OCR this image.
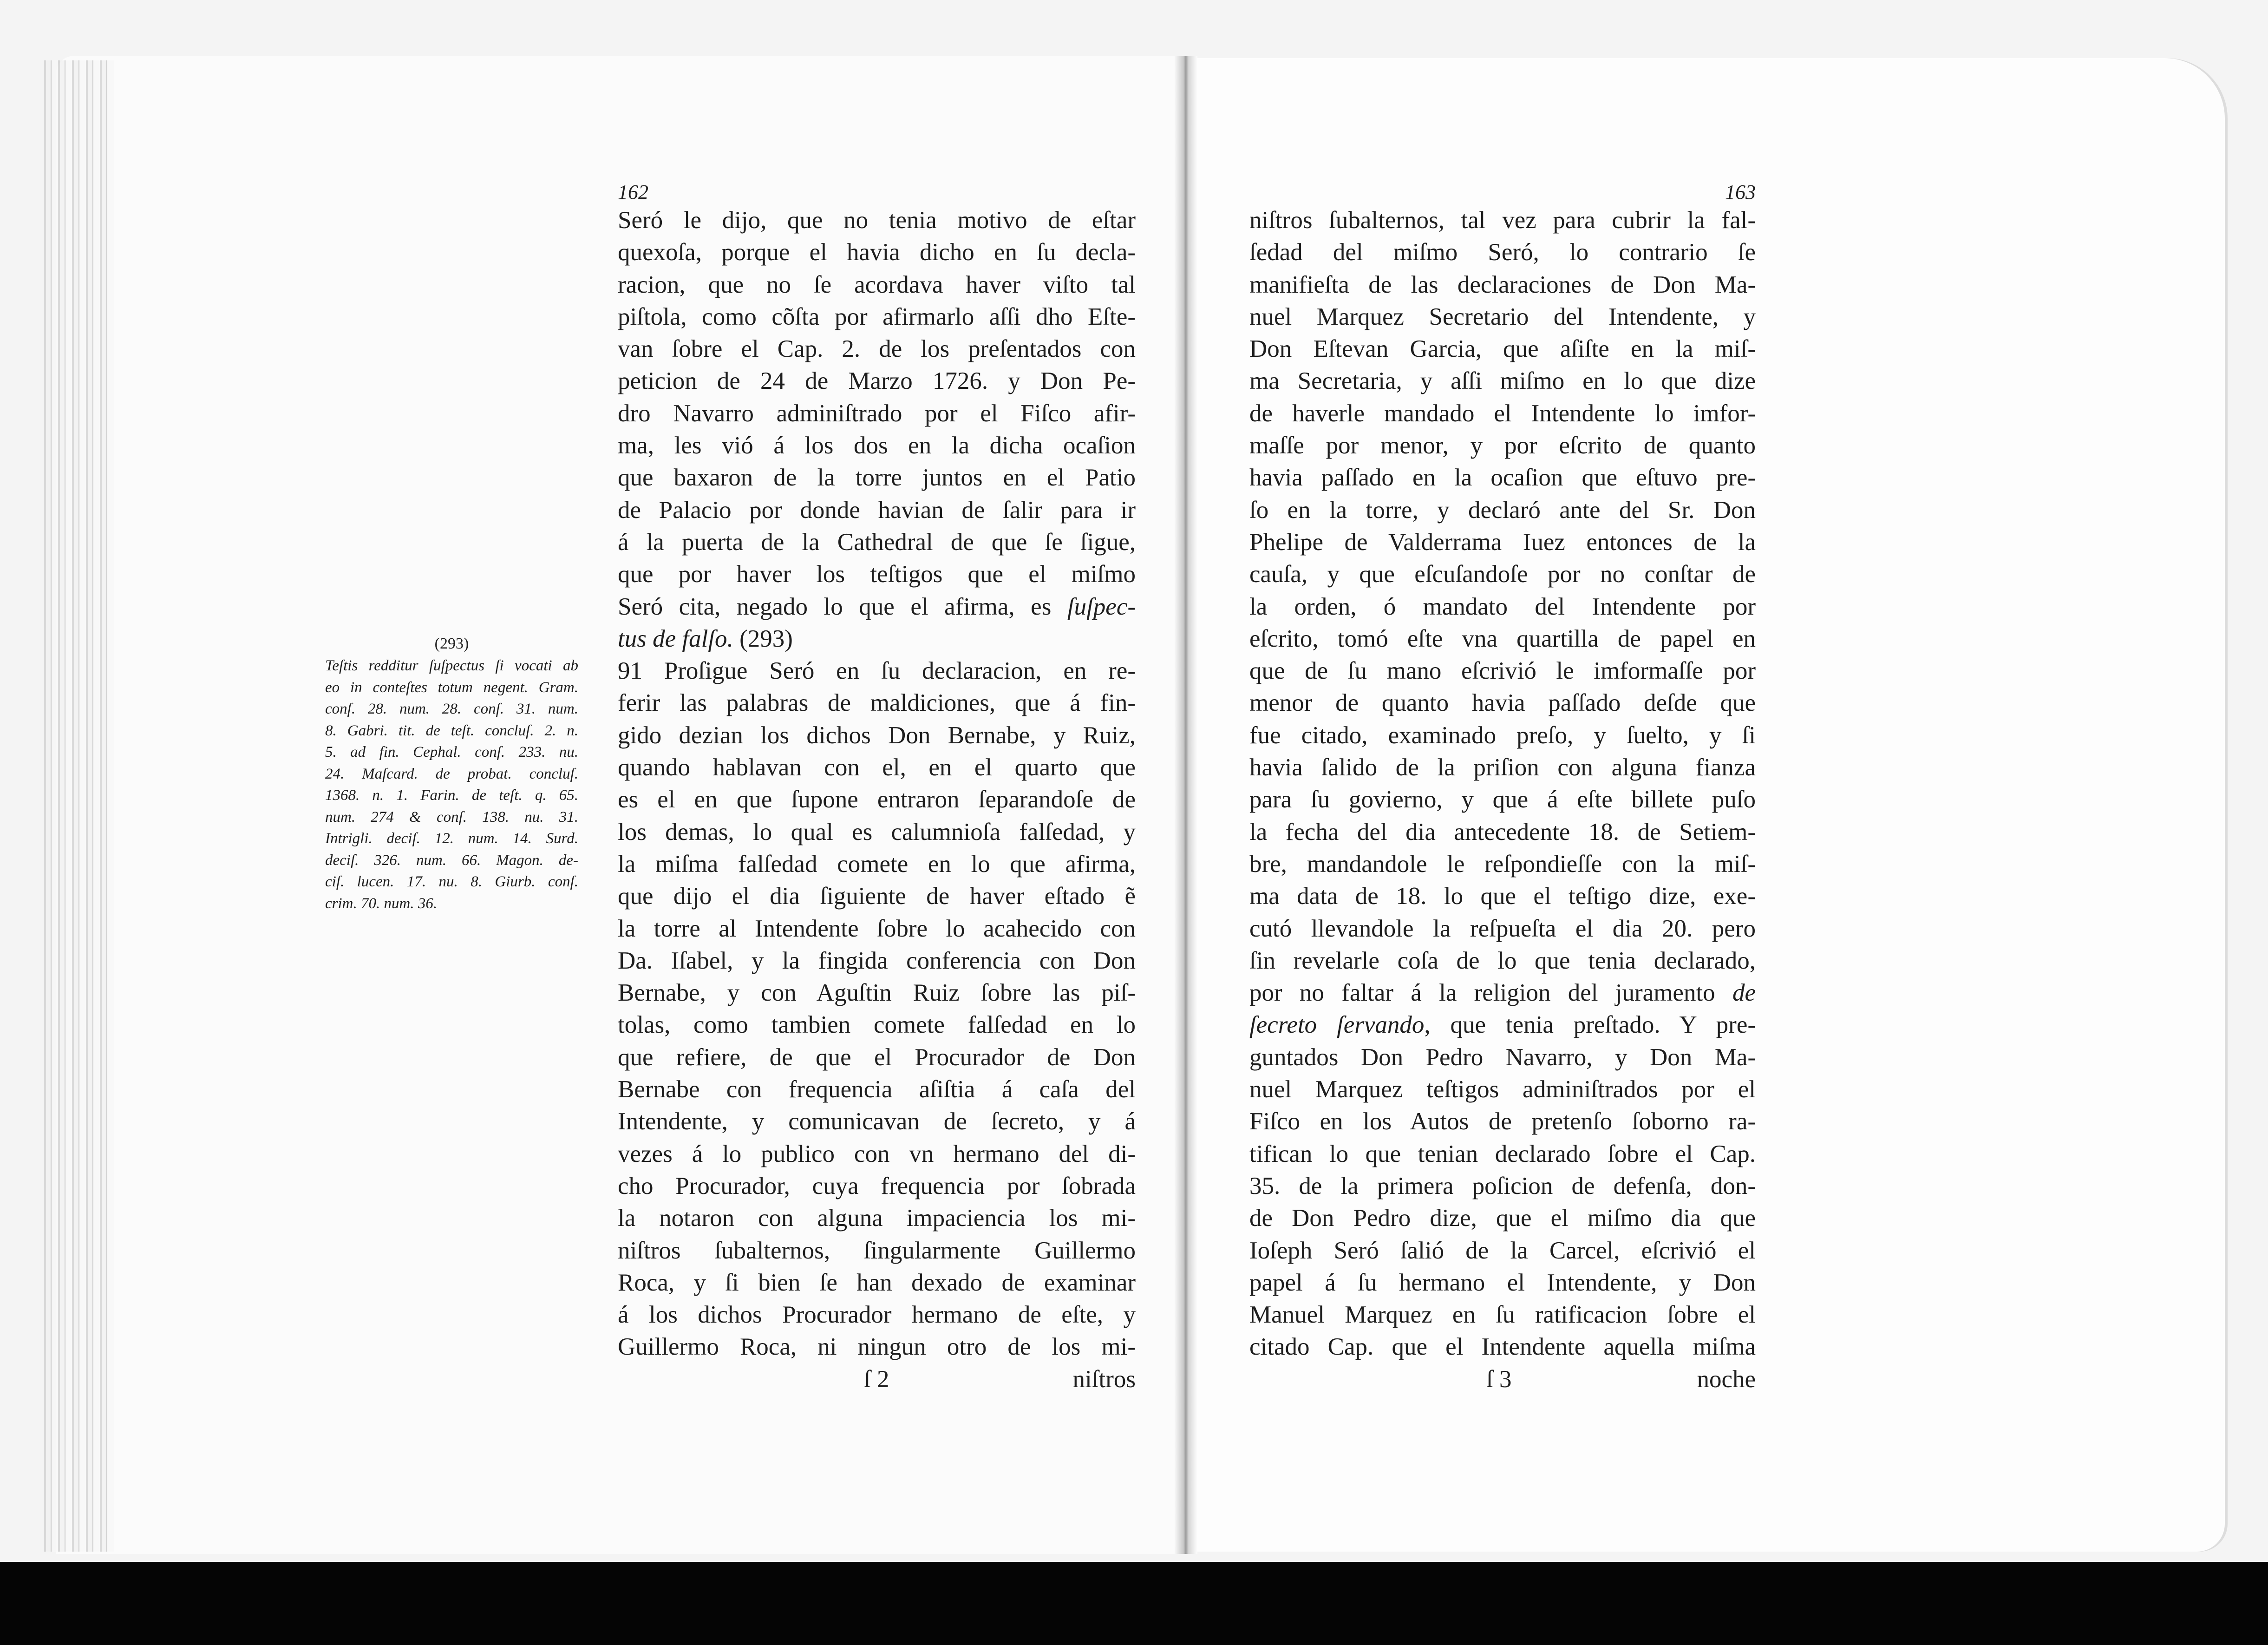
162
Seró le dijo, que no tenia motivo de eſtar
quexoſa, porque el havia dicho en ſu decla-
racion, que no ſe acordava haver viſto tal
piſtola, como cõſta por afirmarlo aſſi dho Eſte-
van ſobre el Cap. 2. de los preſentados con
peticion de 24 de Marzo 1726. y Don Pe-
dro Navarro adminiſtrado por el Fiſco afir-
ma, les vió á los dos en la dicha ocaſion
que baxaron de la torre juntos en el Patio
de Palacio por donde havian de ſalir para ir
á la puerta de la Cathedral de que ſe ſigue,
que por haver los teſtigos que el miſmo
Seró cita, negado lo que el afirma, es ſuſpec-
tus de falſo. (293)
91 Proſigue Seró en ſu declaracion, en re-
ferir las palabras de maldiciones, que á fin-
gido dezian los dichos Don Bernabe, y Ruiz,
quando hablavan con el, en el quarto que
es el en que ſupone entraron ſeparandoſe de
los demas, lo qual es calumnioſa falſedad, y
la miſma falſedad comete en lo que afirma,
que dijo el dia ſiguiente de haver eſtado ẽ
la torre al Intendente ſobre lo acahecido con
Da. Iſabel, y la fingida conferencia con Don
Bernabe, y con Aguſtin Ruiz ſobre las piſ-
tolas, como tambien comete falſedad en lo
que refiere, de que el Procurador de Don
Bernabe con frequencia aſiſtia á caſa del
Intendente, y comunicavan de ſecreto, y á
vezes á lo publico con vn hermano del di-
cho Procurador, cuya frequencia por ſobrada
la notaron con alguna impaciencia los mi-
niſtros ſubalternos, ſingularmente Guillermo
Roca, y ſi bien ſe han dexado de examinar
á los dichos Procurador hermano de eſte, y
Guillermo Roca, ni ningun otro de los mi-
ſ 2	niſtros
(293)
Teſtis redditur ſuſpectus ſi vocati ab
eo in conteſtes totum negent. Gram.
conſ. 28. num. 28. conſ. 31. num.
8. Gabri. tit. de teſt. concluſ. 2. n.
5. ad fin. Cephal. conſ. 233. nu.
24. Maſcard. de probat. concluſ.
1368. n. 1. Farin. de teſt. q. 65.
num. 274 & conſ. 138. nu. 31.
Intrigli. deciſ. 12. num. 14. Surd.
deciſ. 326. num. 66. Magon. de-
ciſ. lucen. 17. nu. 8. Giurb. conſ.
crim. 70. num. 36.
163
niſtros ſubalternos, tal vez para cubrir la fal-
ſedad del miſmo Seró, lo contrario ſe
manifieſta de las declaraciones de Don Ma-
nuel Marquez Secretario del Intendente, y
Don Eſtevan Garcia, que aſiſte en la miſ-
ma Secretaria, y aſſi miſmo en lo que dize
de haverle mandado el Intendente lo imfor-
maſſe por menor, y por eſcrito de quanto
havia paſſado en la ocaſion que eſtuvo pre-
ſo en la torre, y declaró ante del Sr. Don
Phelipe de Valderrama Iuez entonces de la
cauſa, y que eſcuſandoſe por no conſtar de
la orden, ó mandato del Intendente por
eſcrito, tomó eſte vna quartilla de papel en
que de ſu mano eſcrivió le imformaſſe por
menor de quanto havia paſſado deſde que
fue citado, examinado preſo, y ſuelto, y ſi
havia ſalido de la priſion con alguna fianza
para ſu govierno, y que á eſte billete puſo
la fecha del dia antecedente 18. de Setiem-
bre, mandandole le reſpondieſſe con la miſ-
ma data de 18. lo que el teſtigo dize, exe-
cutó llevandole la reſpueſta el dia 20. pero
ſin revelarle coſa de lo que tenia declarado,
por no faltar á la religion del juramento de
ſecreto ſervando, que tenia preſtado. Y pre-
guntados Don Pedro Navarro, y Don Ma-
nuel Marquez teſtigos adminiſtrados por el
Fiſco en los Autos de pretenſo ſoborno ra-
tifican lo que tenian declarado ſobre el Cap.
35. de la primera poſicion de defenſa, don-
de Don Pedro dize, que el miſmo dia que
Ioſeph Seró ſalió de la Carcel, eſcrivió el
papel á ſu hermano el Intendente, y Don
Manuel Marquez en ſu ratificacion ſobre el
citado Cap. que el Intendente aquella miſma
ſ 3	noche
